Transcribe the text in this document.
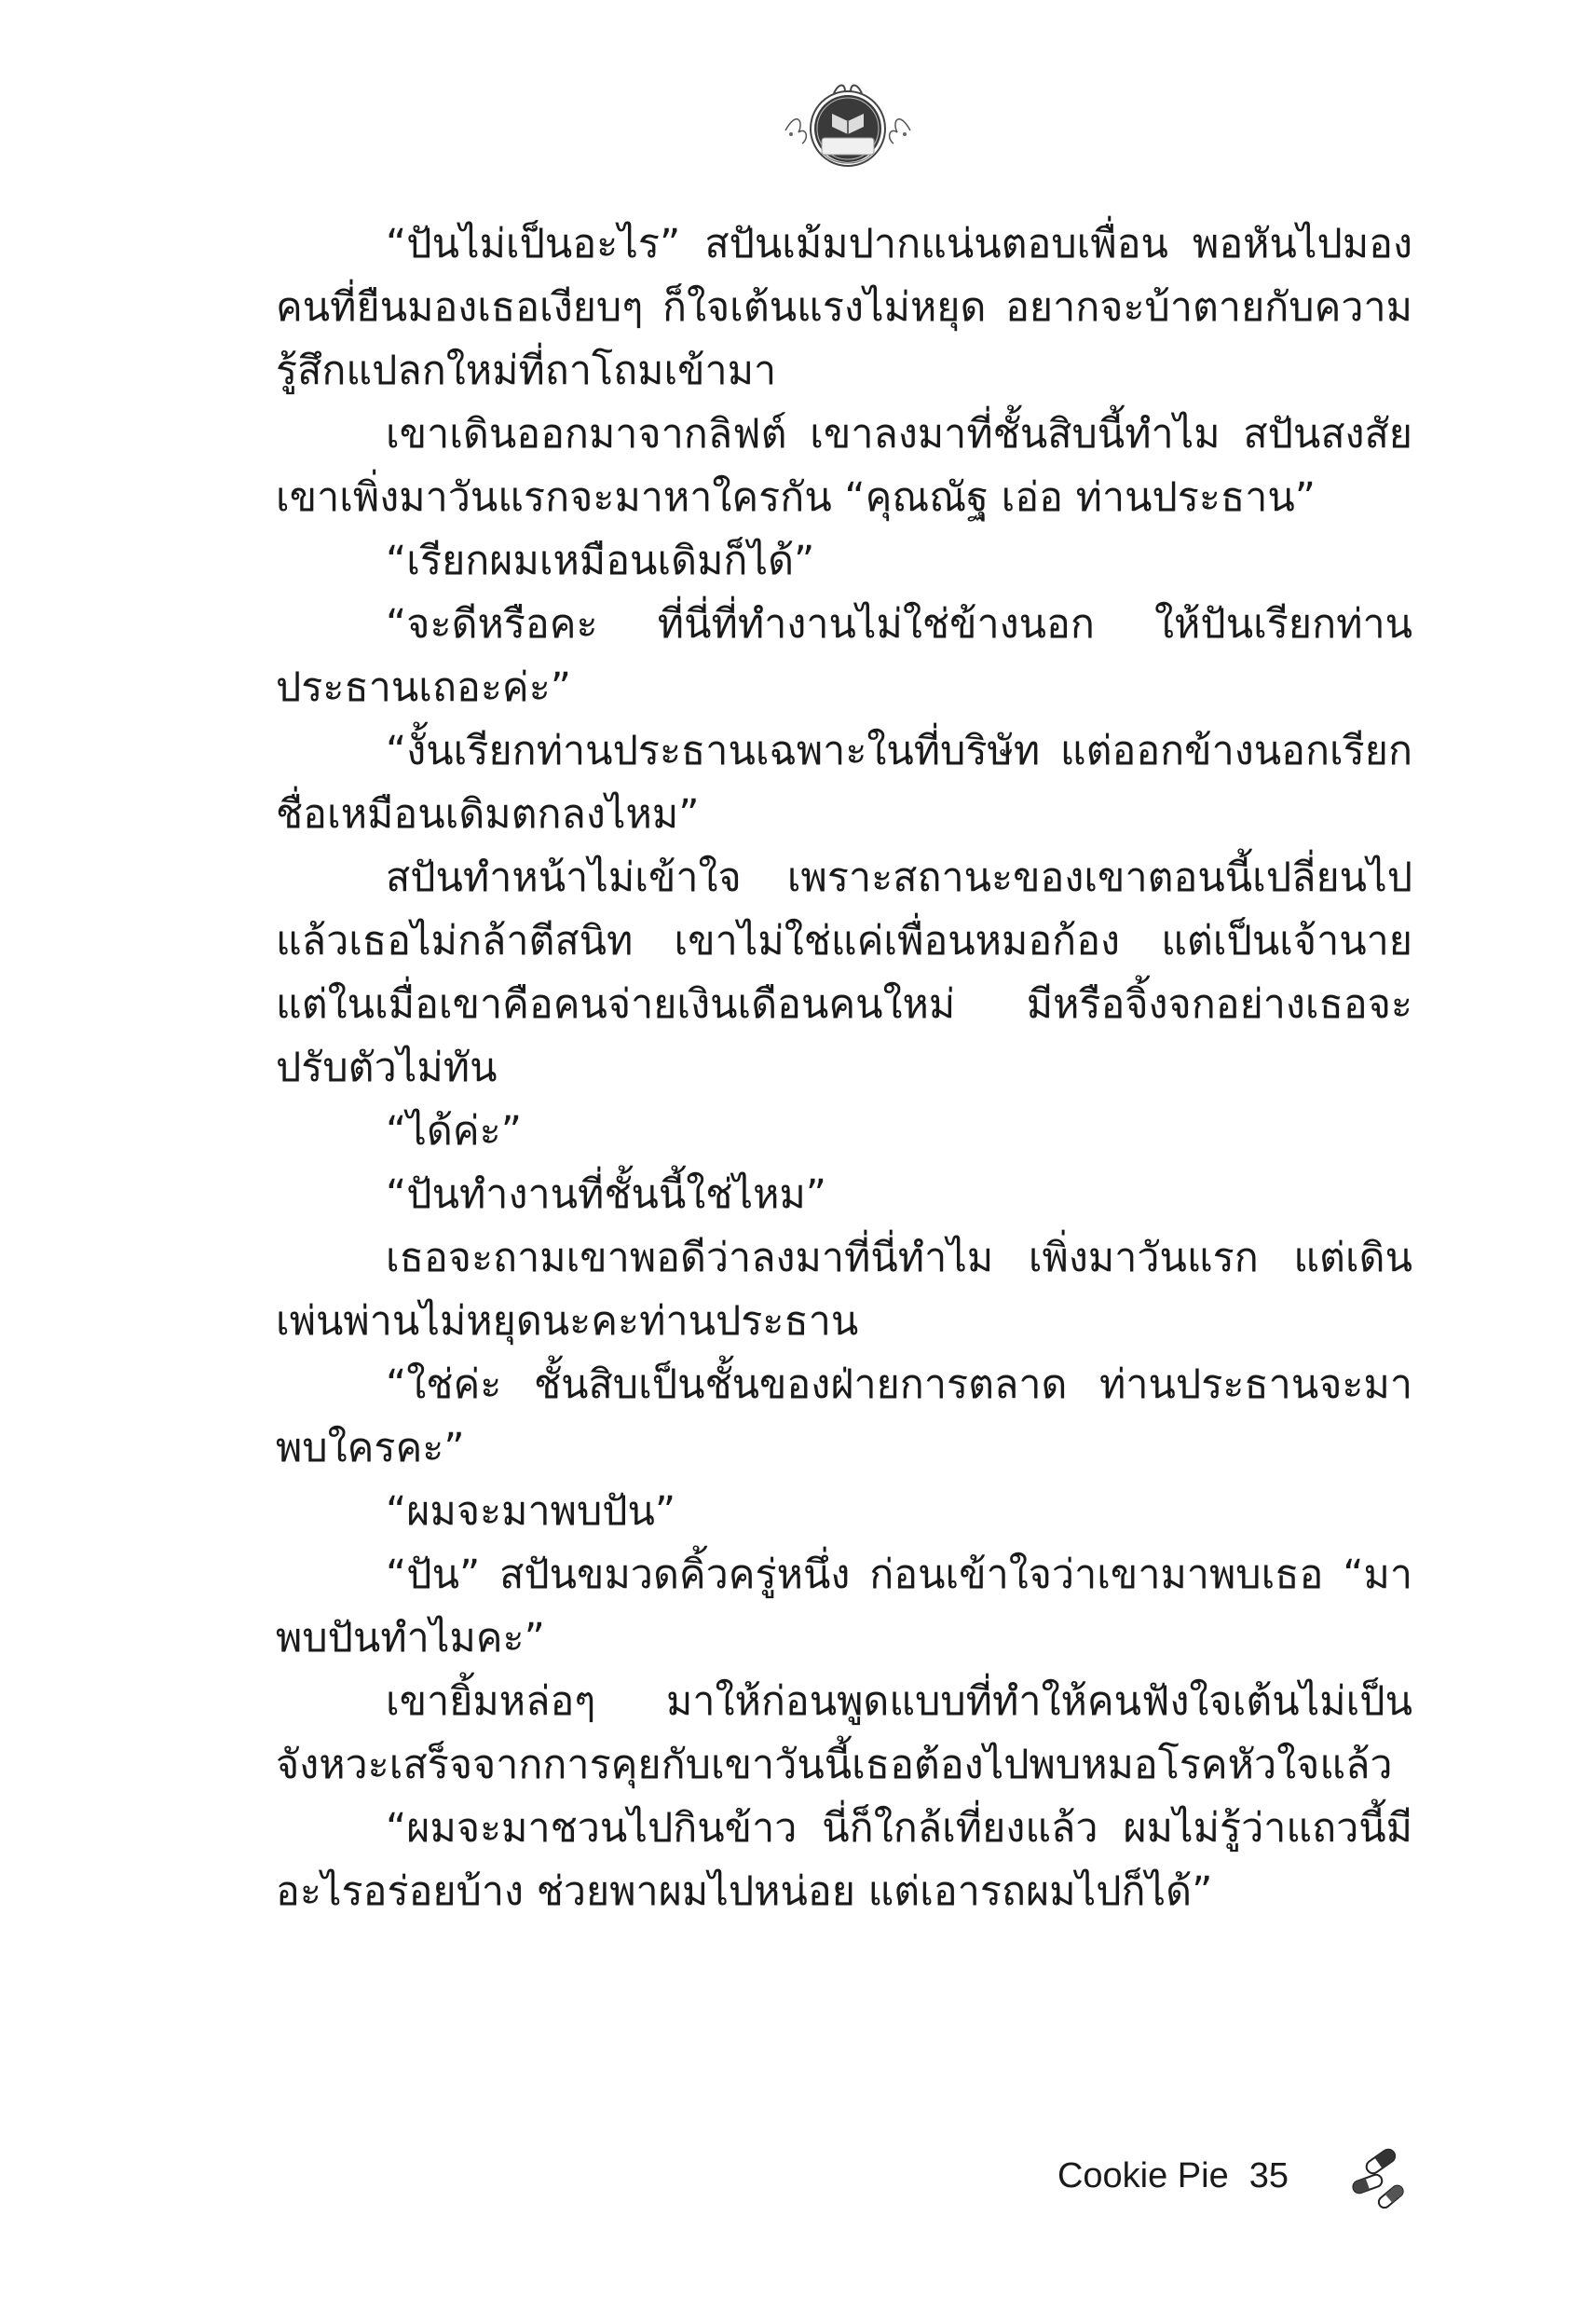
“ปันไม่เป็นอะไร” สปันเม้มปากแน่นตอบเพื่อน พอหันไปมองคนที่ยืนมองเธอเงียบๆ ก็ใจเต้นแรงไม่หยุด อยากจะบ้าตายกับความรู้สึกแปลกใหม่ที่ถาโถมเข้ามา

เขาเดินออกมาจากลิฟต์ เขาลงมาที่ชั้นสิบนี้ทำไม สปันสงสัยเขาเพิ่งมาวันแรกจะมาหาใครกัน “คุณณัฐ เอ่อ ท่านประธาน”

“เรียกผมเหมือนเดิมก็ได้”

“จะดีหรือคะ ที่นี่ที่ทำงานไม่ใช่ข้างนอก ให้ปันเรียกท่านประธานเถอะค่ะ”

“งั้นเรียกท่านประธานเฉพาะในที่บริษัท แต่ออกข้างนอกเรียกชื่อเหมือนเดิมตกลงไหม”

สปันทำหน้าไม่เข้าใจ เพราะสถานะของเขาตอนนี้เปลี่ยนไปแล้วเธอไม่กล้าตีสนิท เขาไม่ใช่แค่เพื่อนหมอก้อง แต่เป็นเจ้านาย แต่ในเมื่อเขาคือคนจ่ายเงินเดือนคนใหม่ มีหรือจิ้งจกอย่างเธอจะปรับตัวไม่ทัน

“ได้ค่ะ”

“ปันทำงานที่ชั้นนี้ใช่ไหม”

เธอจะถามเขาพอดีว่าลงมาที่นี่ทำไม เพิ่งมาวันแรก แต่เดินเพ่นพ่านไม่หยุดนะคะท่านประธาน

“ใช่ค่ะ ชั้นสิบเป็นชั้นของฝ่ายการตลาด ท่านประธานจะมาพบใครคะ”

“ผมจะมาพบปัน”

“ปัน” สปันขมวดคิ้วครู่หนึ่ง ก่อนเข้าใจว่าเขามาพบเธอ “มาพบปันทำไมคะ”

เขายิ้มหล่อๆ มาให้ก่อนพูดแบบที่ทำให้คนฟังใจเต้นไม่เป็นจังหวะเสร็จจากการคุยกับเขาวันนี้เธอต้องไปพบหมอโรคหัวใจแล้ว

“ผมจะมาชวนไปกินข้าว นี่ก็ใกล้เที่ยงแล้ว ผมไม่รู้ว่าแถวนี้มีอะไรอร่อยบ้าง ช่วยพาผมไปหน่อย แต่เอารถผมไปก็ได้”

Cookie Pie 35
